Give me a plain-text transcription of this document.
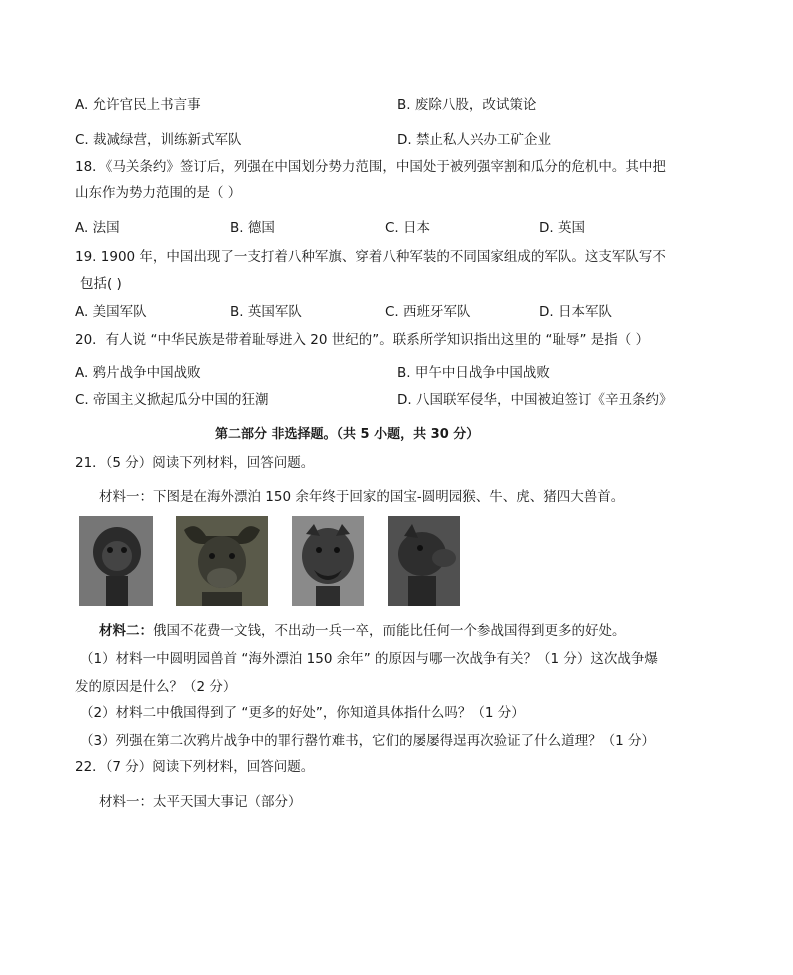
A. 允许官民上书言事	B. 废除八股，改试策论
C. 裁减绿营，训练新式军队	D. 禁止私人兴办工矿企业
18．《马关条约》签订后，列强在中国划分势力范围，中国处于被列强宰割和瓜分的危机中。其中把
山东作为势力范围的是（ ）
A. 法国	B. 德国	C. 日本	D. 英国
19. 1900 年，中国出现了一支打着八种军旗、穿着八种军装的不同国家组成的军队。这支军队写不
包括( )
A. 美国军队	B. 英国军队	C. 西班牙军队	D. 日本军队
20．有人说 “中华民族是带着耻辱进入 20 世纪的”。联系所学知识指出这里的 “耻辱” 是指（ ）
A. 鸦片战争中国战败	B. 甲午中日战争中国战败
C. 帝国主义掀起瓜分中国的狂潮	D. 八国联军侵华，中国被迫签订《辛丑条约》
第二部分 非选择题。（共 5 小题，共 30 分）
21．（5 分）阅读下列材料，回答问题。
材料一：下图是在海外漂泊 150 余年终于回家的国宝-圆明园猴、牛、虎、猪四大兽首。
材料二：俄国不花费一文钱，不出动一兵一卒，而能比任何一个参战国得到更多的好处。
（1）材料一中圆明园兽首 “海外漂泊 150 余年” 的原因与哪一次战争有关？（1 分）这次战争爆
发的原因是什么？（2 分）
（2）材料二中俄国得到了 “更多的好处”，你知道具体指什么吗？（1 分）
（3）列强在第二次鸦片战争中的罪行罄竹难书，它们的屡屡得逞再次验证了什么道理？（1 分）
22．（7 分）阅读下列材料，回答问题。
材料一：太平天国大事记（部分）
